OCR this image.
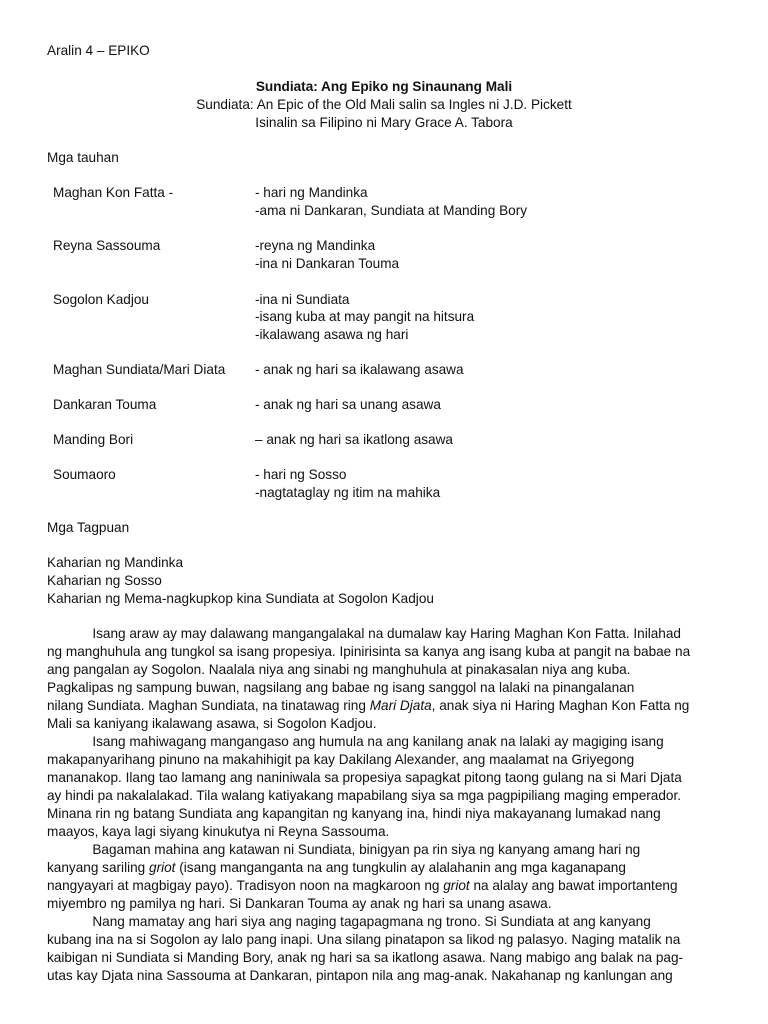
Aralin 4 – EPIKO
Sundiata: Ang Epiko ng Sinaunang Mali
Sundiata: An Epic of the Old Mali salin sa Ingles ni J.D. Pickett
Isinalin sa Filipino ni Mary Grace A. Tabora
Mga tauhan
Maghan Kon Fatta -	- hari ng Mandinka
-ama ni Dankaran, Sundiata at Manding Bory
Reyna Sassouma	-reyna ng Mandinka
-ina ni Dankaran Touma
Sogolon Kadjou	-ina ni Sundiata
-isang kuba at may pangit na hitsura
-ikalawang asawa ng hari
Maghan Sundiata/Mari Diata - anak ng hari sa ikalawang asawa
Dankaran Touma	- anak ng hari sa unang asawa
Manding Bori	– anak ng hari sa ikatlong asawa
Soumaoro	- hari ng Sosso
-nagtataglay ng itim na mahika
Mga Tagpuan
Kaharian ng Mandinka
Kaharian ng Sosso
Kaharian ng Mema-nagkupkop kina Sundiata at Sogolon Kadjou
Isang araw ay may dalawang mangangalakal na dumalaw kay Haring Maghan Kon Fatta. Inilahad
ng manghuhula ang tungkol sa isang propesiya. Ipinirisinta sa kanya ang isang kuba at pangit na babae na
ang pangalan ay Sogolon. Naalala niya ang sinabi ng manghuhula at pinakasalan niya ang kuba.
Pagkalipas ng sampung buwan, nagsilang ang babae ng isang sanggol na lalaki na pinangalanan
nilang Sundiata. Maghan Sundiata, na tinatawag ring Mari Djata, anak siya ni Haring Maghan Kon Fatta ng
Mali sa kaniyang ikalawang asawa, si Sogolon Kadjou.
Isang mahiwagang mangangaso ang humula na ang kanilang anak na lalaki ay magiging isang
makapanyarihang pinuno na makahihigit pa kay Dakilang Alexander, ang maalamat na Griyegong
mananakop. Ilang tao lamang ang naniniwala sa propesiya sapagkat pitong taong gulang na si Mari Djata
ay hindi pa nakalalakad. Tila walang katiyakang mapabilang siya sa mga pagpipiliang maging emperador.
Minana rin ng batang Sundiata ang kapangitan ng kanyang ina, hindi niya makayanang lumakad nang
maayos, kaya lagi siyang kinukutya ni Reyna Sassouma.
Bagaman mahina ang katawan ni Sundiata, binigyan pa rin siya ng kanyang amang hari ng
kanyang sariling griot (isang manganganta na ang tungkulin ay alalahanin ang mga kaganapang
nangyayari at magbigay payo). Tradisyon noon na magkaroon ng griot na alalay ang bawat importanteng
miyembro ng pamilya ng hari. Si Dankaran Touma ay anak ng hari sa unang asawa.
Nang mamatay ang hari siya ang naging tagapagmana ng trono. Si Sundiata at ang kanyang
kubang ina na si Sogolon ay lalo pang inapi. Una silang pinatapon sa likod ng palasyo. Naging matalik na
kaibigan ni Sundiata si Manding Bory, anak ng hari sa sa ikatlong asawa. Nang mabigo ang balak na pag-
utas kay Djata nina Sassouma at Dankaran, pintapon nila ang mag-anak. Nakahanap ng kanlungan ang
